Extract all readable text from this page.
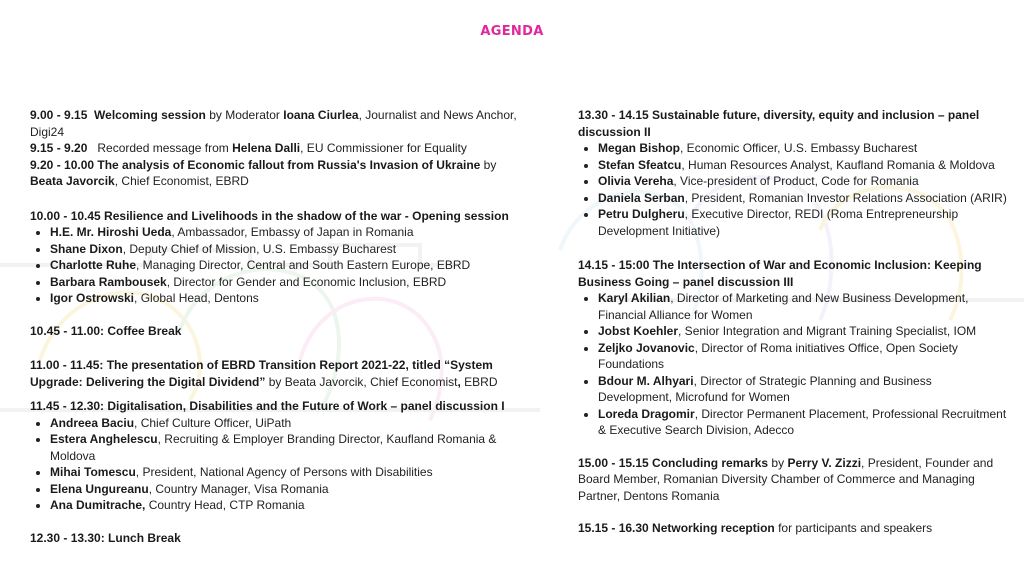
AGENDA

9.00 - 9.15 Welcoming session by Moderator Ioana Ciurlea, Journalist and News Anchor, Digi24

9.15 - 9.20   Recorded message from Helena Dalli, EU Commissioner for Equality

9.20 - 10.00 The analysis of Economic fallout from Russia's Invasion of Ukraine by Beata Javorcik, Chief Economist, EBRD

10.00 - 10.45 Resilience and Livelihoods in the shadow of the war - Opening session

• H.E. Mr. Hiroshi Ueda, Ambassador, Embassy of Japan in Romania
• Shane Dixon, Deputy Chief of Mission, U.S. Embassy Bucharest
• Charlotte Ruhe, Managing Director, Central and South Eastern Europe, EBRD
• Barbara Rambousek, Director for Gender and Economic Inclusion, EBRD
• Igor Ostrowski, Global Head, Dentons

10.45 - 11.00: Coffee Break

11.00 - 11.45: The presentation of EBRD Transition Report 2021-22, titled “System Upgrade: Delivering the Digital Dividend” by Beata Javorcik, Chief Economist, EBRD

11.45 - 12.30: Digitalisation, Disabilities and the Future of Work – panel discussion I

• Andreea Baciu, Chief Culture Officer, UiPath
• Estera Anghelescu, Recruiting & Employer Branding Director, Kaufland Romania & Moldova
• Mihai Tomescu, President, National Agency of Persons with Disabilities
• Elena Ungureanu, Country Manager, Visa Romania
• Ana Dumitrache, Country Head, CTP Romania

12.30 - 13.30: Lunch Break

13.30 - 14.15 Sustainable future, diversity, equity and inclusion – panel discussion II

• Megan Bishop, Economic Officer, U.S. Embassy Bucharest
• Stefan Sfeatcu, Human Resources Analyst, Kaufland Romania & Moldova
• Olivia Vereha, Vice-president of Product, Code for Romania
• Daniela Serban, President, Romanian Investor Relations Association (ARIR)
• Petru Dulgheru, Executive Director, REDI (Roma Entrepreneurship Development Initiative)

14.15 - 15:00 The Intersection of War and Economic Inclusion: Keeping Business Going – panel discussion III

• Karyl Akilian, Director of Marketing and New Business Development, Financial Alliance for Women
• Jobst Koehler, Senior Integration and Migrant Training Specialist, IOM
• Zeljko Jovanovic, Director of Roma initiatives Office, Open Society Foundations
• Bdour M. Alhyari, Director of Strategic Planning and Business Development, Microfund for Women
• Loreda Dragomir, Director Permanent Placement, Professional Recruitment & Executive Search Division, Adecco

15.00 - 15.15 Concluding remarks by Perry V. Zizzi, President, Founder and Board Member, Romanian Diversity Chamber of Commerce and Managing Partner, Dentons Romania

15.15 - 16.30 Networking reception for participants and speakers
